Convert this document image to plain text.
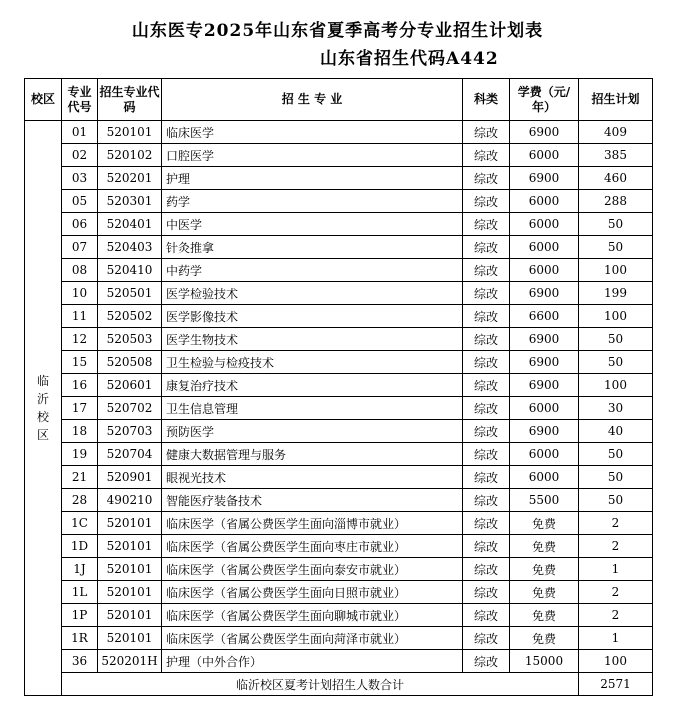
山东医专2025年山东省夏季高考分专业招生计划表
山东省招生代码A442
校区	专业代号	招生专业代码	招 生 专 业	科类	学费（元/年）	招生计划
临沂校区	01	520101	临床医学	综改	6900	409
	02	520102	口腔医学	综改	6000	385
	03	520201	护理	综改	6900	460
	05	520301	药学	综改	6000	288
	06	520401	中医学	综改	6000	50
	07	520403	针灸推拿	综改	6000	50
	08	520410	中药学	综改	6000	100
	10	520501	医学检验技术	综改	6900	199
	11	520502	医学影像技术	综改	6600	100
	12	520503	医学生物技术	综改	6900	50
	15	520508	卫生检验与检疫技术	综改	6900	50
	16	520601	康复治疗技术	综改	6900	100
	17	520702	卫生信息管理	综改	6000	30
	18	520703	预防医学	综改	6900	40
	19	520704	健康大数据管理与服务	综改	6000	50
	21	520901	眼视光技术	综改	6000	50
	28	490210	智能医疗装备技术	综改	5500	50
	1C	520101	临床医学（省属公费医学生面向淄博市就业）	综改	免费	2
	1D	520101	临床医学（省属公费医学生面向枣庄市就业）	综改	免费	2
	1J	520101	临床医学（省属公费医学生面向泰安市就业）	综改	免费	1
	1L	520101	临床医学（省属公费医学生面向日照市就业）	综改	免费	2
	1P	520101	临床医学（省属公费医学生面向聊城市就业）	综改	免费	2
	1R	520101	临床医学（省属公费医学生面向菏泽市就业）	综改	免费	1
	36	520201H	护理（中外合作）	综改	15000	100
	临沂校区夏考计划招生人数合计					2571
